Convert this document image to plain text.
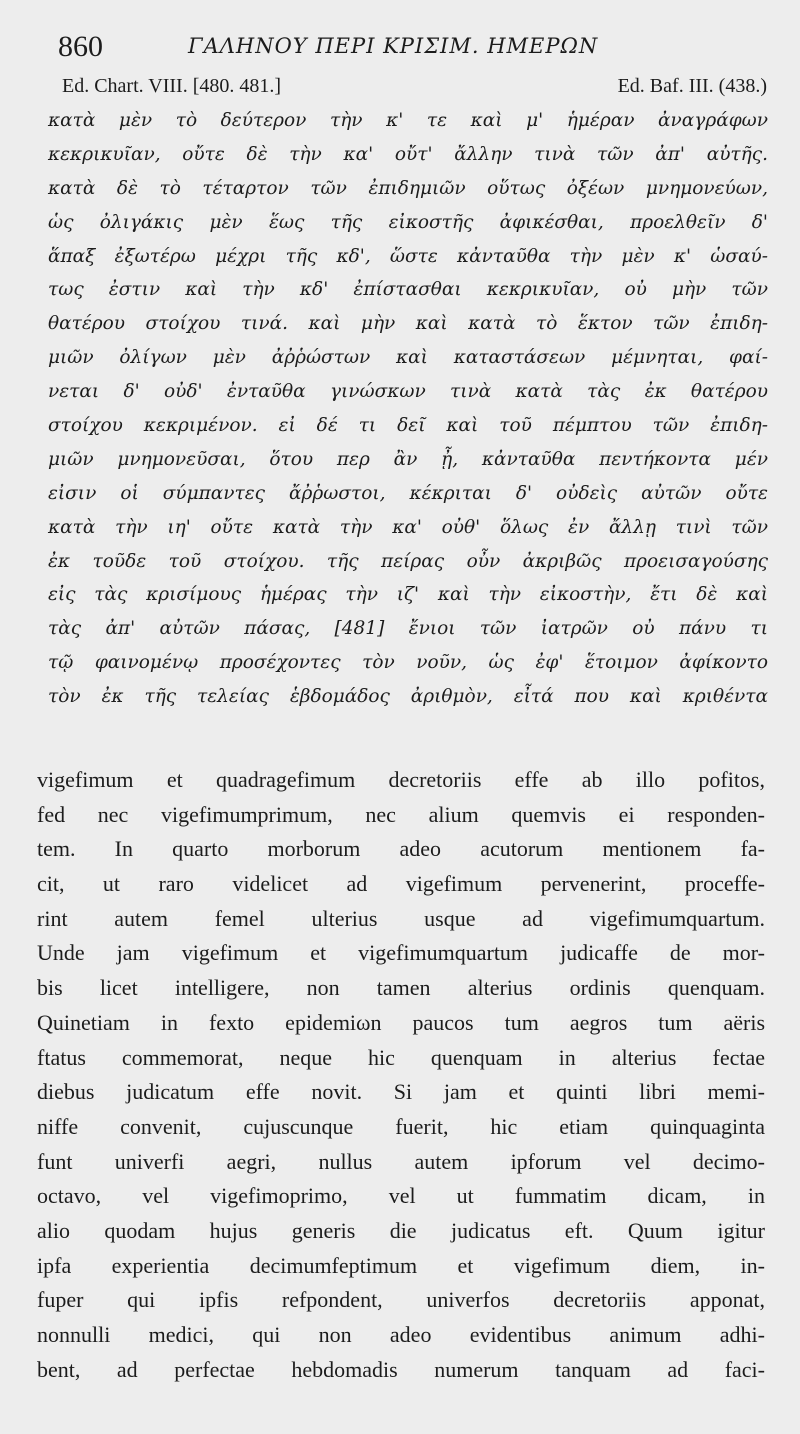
860	ΓΑΛΗΝΟΥ ΠΕΡΙ ΚΡΙΣΙΜ. ΗΜΕΡΩΝ
Ed. Chart. VIII. [480. 481.]	Ed. Baf. III. (438.)
κατὰ μὲν τὸ δεύτερον τὴν κ' τε καὶ μ' ἡμέραν ἀναγράφων
κεκρικυῖαν, οὔτε δὲ τὴν κα' οὔτ' ἄλλην τινὰ τῶν ἀπ' αὐτῆς.
κατὰ δὲ τὸ τέταρτον τῶν ἐπιδημιῶν οὕτως ὀξέων μνημονεύων,
ὡς ὀλιγάκις μὲν ἕως τῆς εἰκοστῆς ἀφικέσθαι, προελθεῖν δ'
ἅπαξ ἐξωτέρω μέχρι τῆς κδ', ὥστε κἀνταῦθα τὴν μὲν κ' ὡσαύ-
τως ἐστιν καὶ τὴν κδ' ἐπίστασθαι κεκρικυῖαν, οὐ μὴν τῶν
θατέρου στοίχου τινά. καὶ μὴν καὶ κατὰ τὸ ἕκτον τῶν ἐπιδη-
μιῶν ὀλίγων μὲν ἀῤῥώστων καὶ καταστάσεων μέμνηται, φαί-
νεται δ' οὐδ' ἐνταῦθα γινώσκων τινὰ κατὰ τὰς ἐκ θατέρου
στοίχου κεκριμένον. εἰ δέ τι δεῖ καὶ τοῦ πέμπτου τῶν ἐπιδη-
μιῶν μνημονεῦσαι, ὅτου περ ἂν ᾖ, κἀνταῦθα πεντήκοντα μέν
εἰσιν οἱ σύμπαντες ἄῤῥωστοι, κέκριται δ' οὐδεὶς αὐτῶν οὔτε
κατὰ τὴν ιη' οὔτε κατὰ τὴν κα' οὐθ' ὅλως ἐν ἄλλῃ τινὶ τῶν
ἐκ τοῦδε τοῦ στοίχου. τῆς πείρας οὖν ἀκριβῶς προεισαγούσης
εἰς τὰς κρισίμους ἡμέρας τὴν ιζ' καὶ τὴν εἰκοστὴν, ἔτι δὲ καὶ
τὰς ἀπ' αὐτῶν πάσας, [481] ἔνιοι τῶν ἰατρῶν οὐ πάνυ τι
τῷ φαινομένῳ προσέχοντες τὸν νοῦν, ὡς ἐφ' ἕτοιμον ἀφίκοντο
τὸν ἐκ τῆς τελείας ἑβδομάδος ἀριθμὸν, εἶτά που καὶ κριθέντα
vigefimum et quadragefimum decretoriis effe ab illo pofitos,
fed nec vigefimumprimum, nec alium quemvis ei responden-
tem. In quarto morborum adeo acutorum mentionem fa-
cit, ut raro videlicet ad vigefimum pervenerint, proceffe-
rint autem femel ulterius usque ad vigefimumquartum.
Unde jam vigefimum et vigefimumquartum judicaffe de mor-
bis licet intelligere, non tamen alterius ordinis quenquam.
Quinetiam in fexto epidemiωn paucos tum aegros tum aëris
ftatus commemorat, neque hic quenquam in alterius fectae
diebus judicatum effe novit. Si jam et quinti libri memi-
niffe convenit, cujuscunque fuerit, hic etiam quinquaginta
funt univerfi aegri, nullus autem ipforum vel decimo-
octavo, vel vigefimoprimo, vel ut fummatim dicam, in
alio quodam hujus generis die judicatus eft. Quum igitur
ipfa experientia decimumfeptimum et vigefimum diem, in-
fuper qui ipfis refpondent, univerfos decretoriis apponat,
nonnulli medici, qui non adeo evidentibus animum adhi-
bent, ad perfectae hebdomadis numerum tanquam ad faci-
